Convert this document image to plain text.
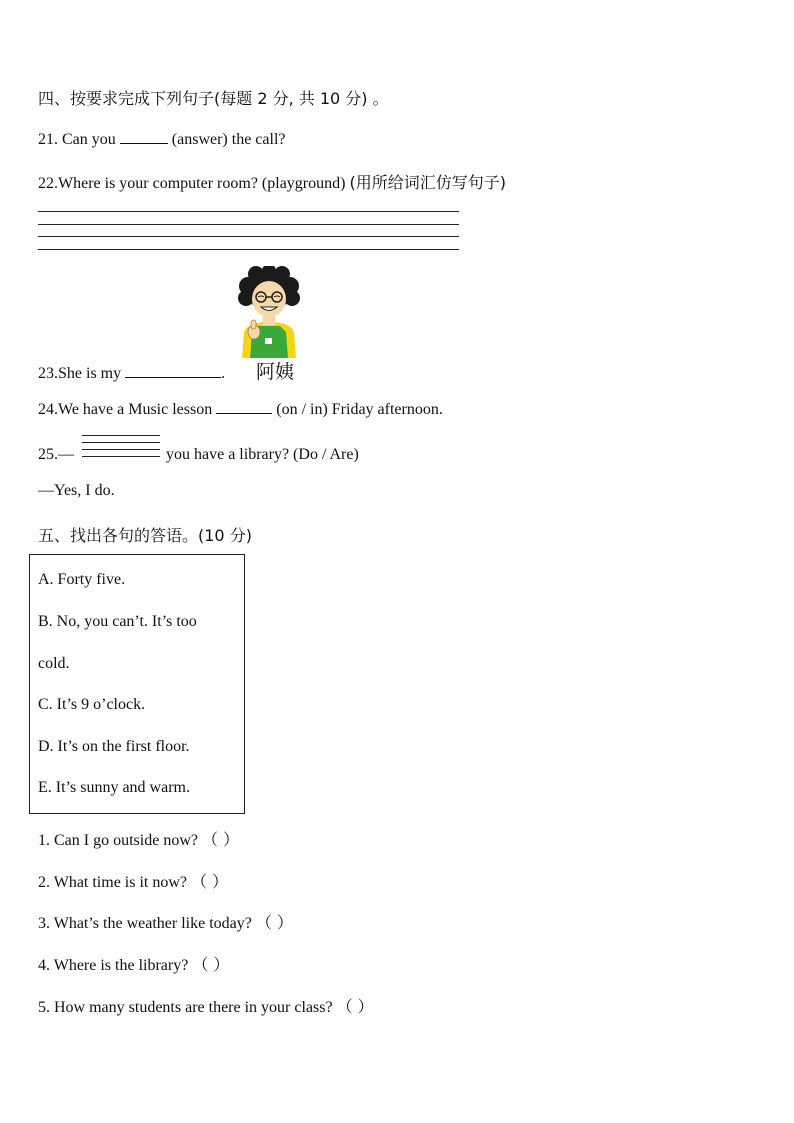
四、按要求完成下列句子(每题 2 分, 共 10 分) 。
21. Can you	(answer) the call?
22.Where is your computer room? (playground) (用所给词汇仿写句子)
23.She is my	. 阿姨
24.We have a Music lesson	(on / in) Friday afternoon.
25.—	you have a library? (Do / Are)
—Yes, I do.
五、找出各句的答语。(10 分)
A. Forty five.
B. No, you can’t. It’s too
cold.
C. It’s 9 o’clock.
D. It’s on the first floor.
E. It’s sunny and warm.
1. Can I go outside now? （ ）
2. What time is it now? （ ）
3. What’s the weather like today? （ ）
4. Where is the library? （ ）
5. How many students are there in your class? （ ）
